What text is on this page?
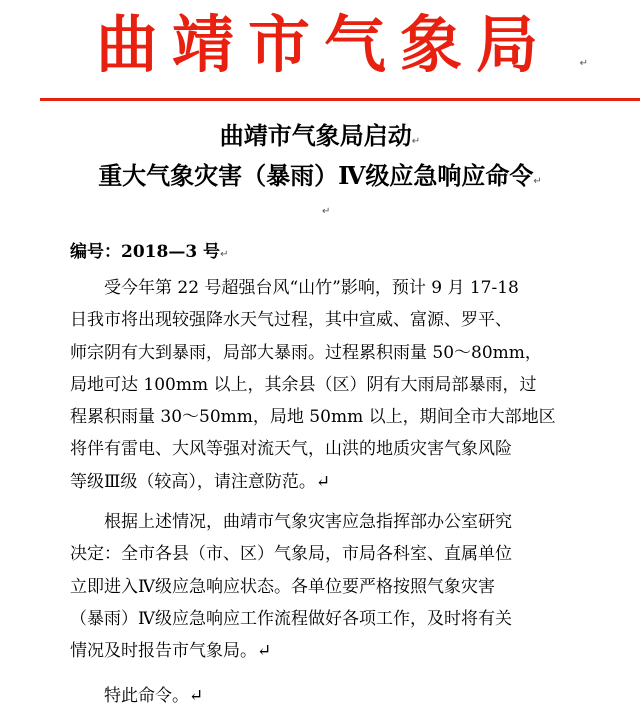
曲靖市气象局	↵
曲靖市气象局启动↵
重大气象灾害（暴雨）Ⅳ级应急响应命令↵
↵
编号：2018—3 号↵
受今年第 22 号超强台风“山竹”影响，预计 9 月 17-18
日我市将出现较强降水天气过程，其中宣威、富源、罗平、
师宗阴有大到暴雨，局部大暴雨。过程累积雨量 50～80mm，
局地可达 100mm 以上，其余县（区）阴有大雨局部暴雨，过
程累积雨量 30～50mm，局地 50mm 以上，期间全市大部地区
将伴有雷电、大风等强对流天气，山洪的地质灾害气象风险
等级Ⅲ级（较高），请注意防范。↵
根据上述情况，曲靖市气象灾害应急指挥部办公室研究
决定：全市各县（市、区）气象局，市局各科室、直属单位
立即进入Ⅳ级应急响应状态。各单位要严格按照气象灾害
（暴雨）Ⅳ级应急响应工作流程做好各项工作，及时将有关
情况及时报告市气象局。↵
特此命令。↵
